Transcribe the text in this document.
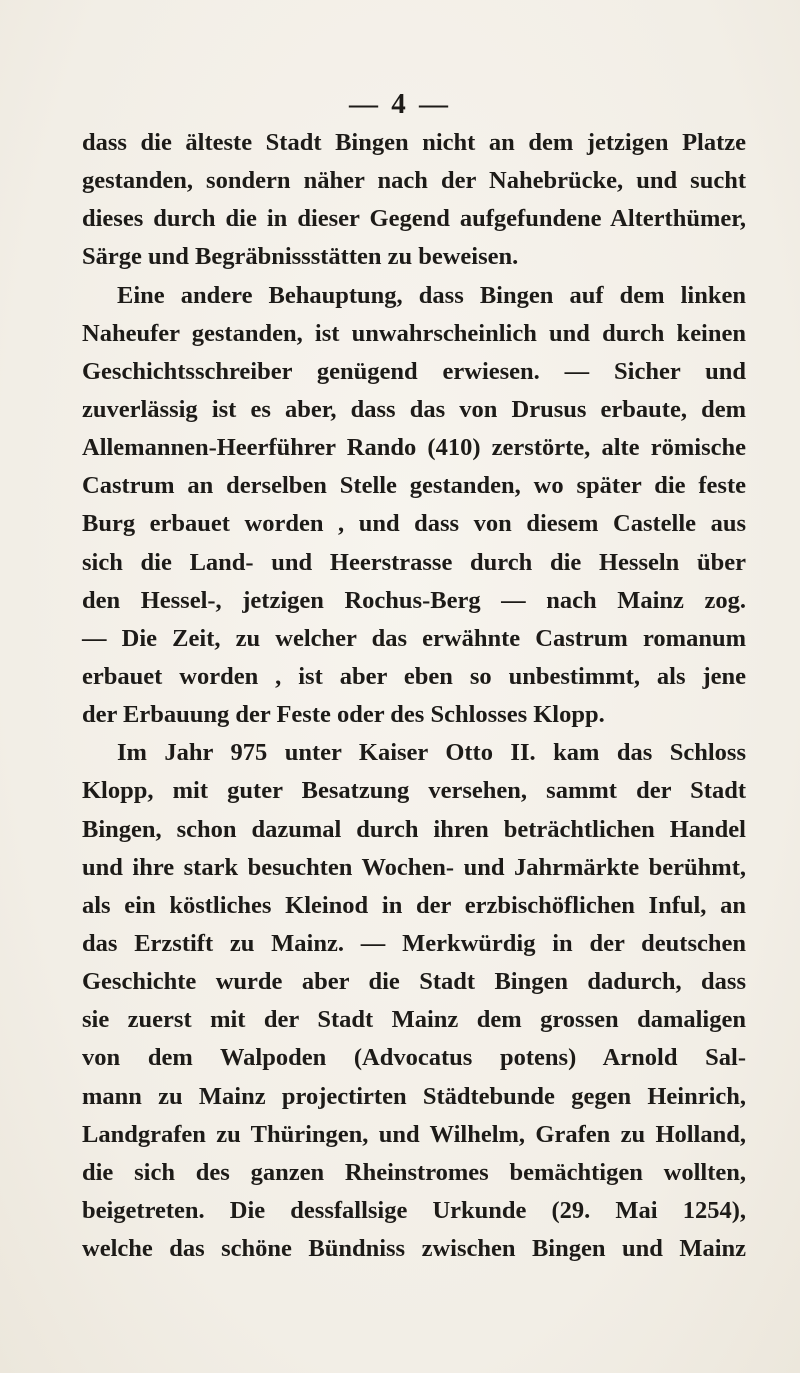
— 4 —
dass die älteste Stadt Bingen nicht an dem jetzigen Platze
gestanden, sondern näher nach der Nahebrücke, und sucht
dieses durch die in dieser Gegend aufgefundene Alterthümer,
Särge und Begräbnissstätten zu beweisen.
Eine andere Behauptung, dass Bingen auf dem linken
Naheufer gestanden, ist unwahrscheinlich und durch keinen
Geschichtsschreiber genügend erwiesen. — Sicher und
zuverlässig ist es aber, dass das von Drusus erbaute, dem
Allemannen-Heerführer Rando (410) zerstörte, alte römische
Castrum an derselben Stelle gestanden, wo später die feste
Burg erbauet worden , und dass von diesem Castelle aus
sich die Land- und Heerstrasse durch die Hesseln über
den Hessel-, jetzigen Rochus-Berg — nach Mainz zog.
— Die Zeit, zu welcher das erwähnte Castrum romanum
erbauet worden , ist aber eben so unbestimmt, als jene
der Erbauung der Feste oder des Schlosses Klopp.
Im Jahr 975 unter Kaiser Otto II. kam das Schloss
Klopp, mit guter Besatzung versehen, sammt der Stadt
Bingen, schon dazumal durch ihren beträchtlichen Handel
und ihre stark besuchten Wochen- und Jahrmärkte berühmt,
als ein köstliches Kleinod in der erzbischöflichen Inful, an
das Erzstift zu Mainz. — Merkwürdig in der deutschen
Geschichte wurde aber die Stadt Bingen dadurch, dass
sie zuerst mit der Stadt Mainz dem grossen damaligen
von dem Walpoden (Advocatus potens) Arnold Sal-
mann zu Mainz projectirten Städtebunde gegen Heinrich,
Landgrafen zu Thüringen, und Wilhelm, Grafen zu Holland,
die sich des ganzen Rheinstromes bemächtigen wollten,
beigetreten. Die dessfallsige Urkunde (29. Mai 1254),
welche das schöne Bündniss zwischen Bingen und Mainz
